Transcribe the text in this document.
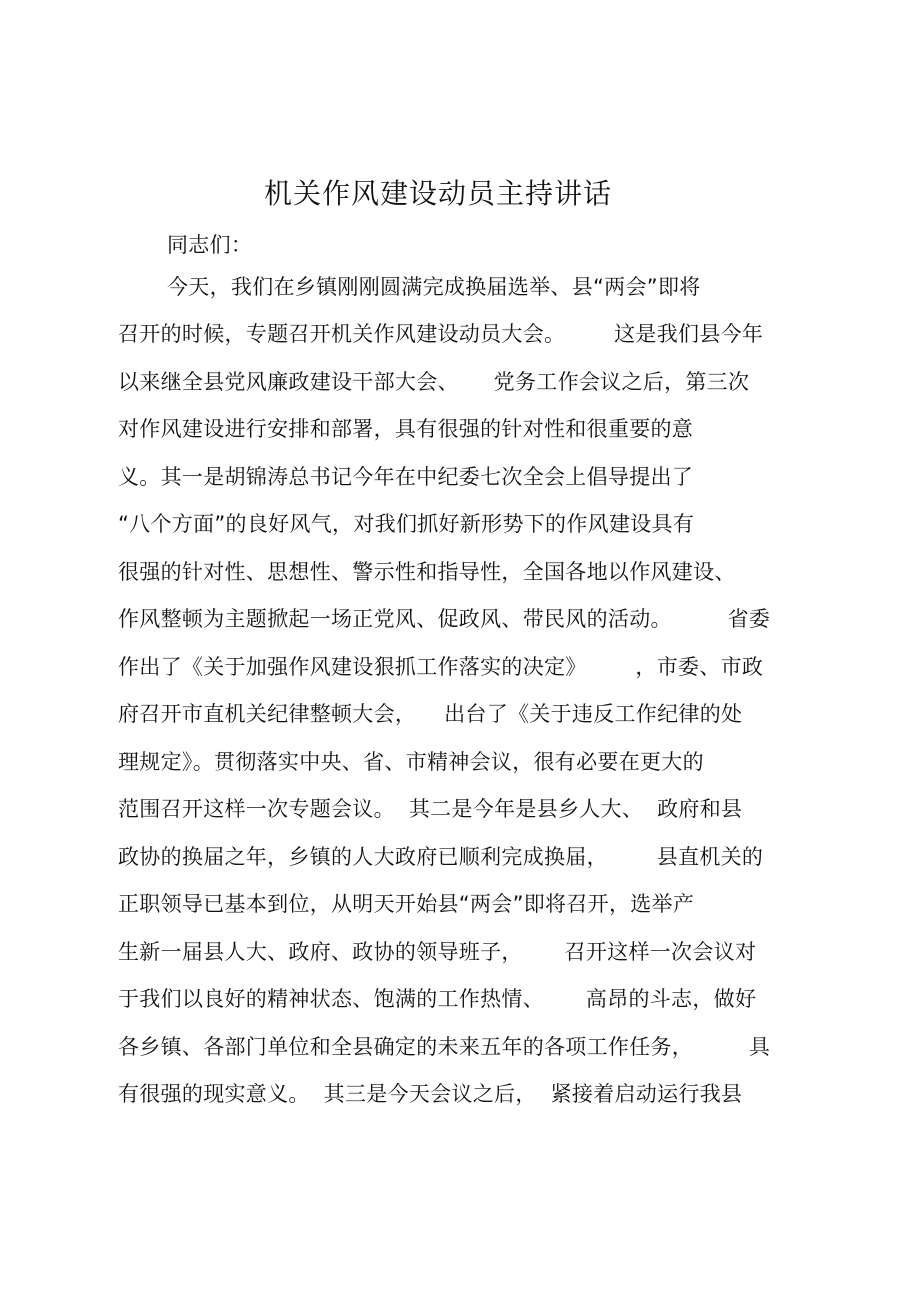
机关作风建设动员主持讲话
同志们：
今天，我们在乡镇刚刚圆满完成换届选举、县“两会”即将
召开的时候，专题召开机关作风建设动员大会。       这是我们县今年
以来继全县党风廉政建设干部大会、     党务工作会议之后，第三次
对作风建设进行安排和部署，具有很强的针对性和很重要的意
义。其一是胡锦涛总书记今年在中纪委七次全会上倡导提出了
“八个方面”的良好风气，对我们抓好新形势下的作风建设具有
很强的针对性、思想性、警示性和指导性，全国各地以作风建设、
作风整顿为主题掀起一场正党风、促政风、带民风的活动。        省委
作出了《关于加强作风建设狠抓工作落实的决定》       ，市委、市政
府召开市直机关纪律整顿大会，    出台了《关于违反工作纪律的处
理规定》。贯彻落实中央、省、市精神会议，很有必要在更大的
范围召开这样一次专题会议。  其二是今年是县乡人大、  政府和县
政协的换届之年，乡镇的人大政府已顺利完成换届，       县直机关的
正职领导已基本到位，从明天开始县“两会”即将召开，选举产
生新一届县人大、政府、政协的领导班子，      召开这样一次会议对
于我们以良好的精神状态、饱满的工作热情、      高昂的斗志，做好
各乡镇、各部门单位和全县确定的未来五年的各项工作任务，        具
有很强的现实意义。  其三是今天会议之后，  紧接着启动运行我县
